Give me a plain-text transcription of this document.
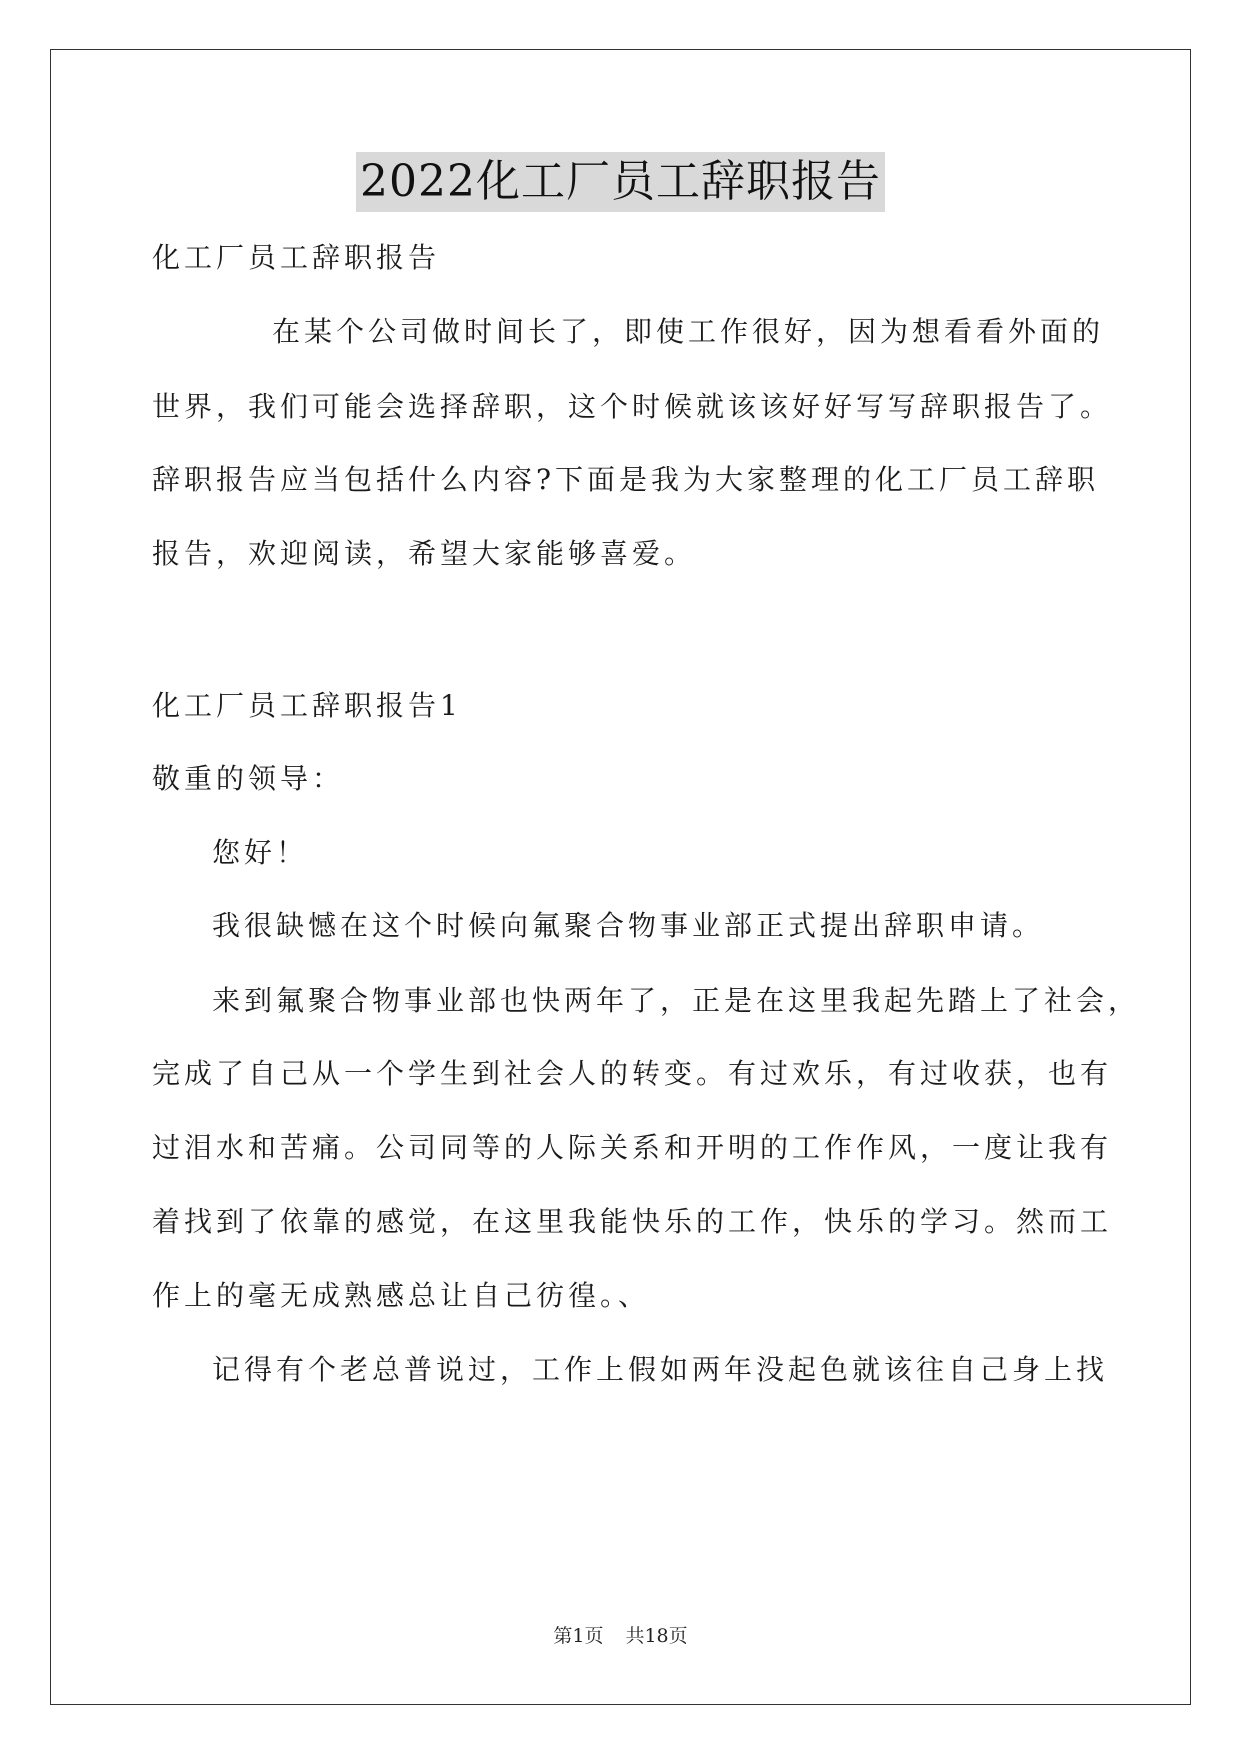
2022化工厂员工辞职报告
化工厂员工辞职报告
在某个公司做时间长了，即使工作很好，因为想看看外面的
世界，我们可能会选择辞职，这个时候就该该好好写写辞职报告了。
辞职报告应当包括什么内容?下面是我为大家整理的化工厂员工辞职
报告，欢迎阅读，希望大家能够喜爱。
化工厂员工辞职报告1
敬重的领导：
您好！
我很缺憾在这个时候向氟聚合物事业部正式提出辞职申请。
来到氟聚合物事业部也快两年了，正是在这里我起先踏上了社会，
完成了自己从一个学生到社会人的转变。有过欢乐，有过收获，也有
过泪水和苦痛。公司同等的人际关系和开明的工作作风，一度让我有
着找到了依靠的感觉，在这里我能快乐的工作，快乐的学习。然而工
作上的毫无成熟感总让自己彷徨。、
记得有个老总普说过，工作上假如两年没起色就该往自己身上找
第1页 共18页
